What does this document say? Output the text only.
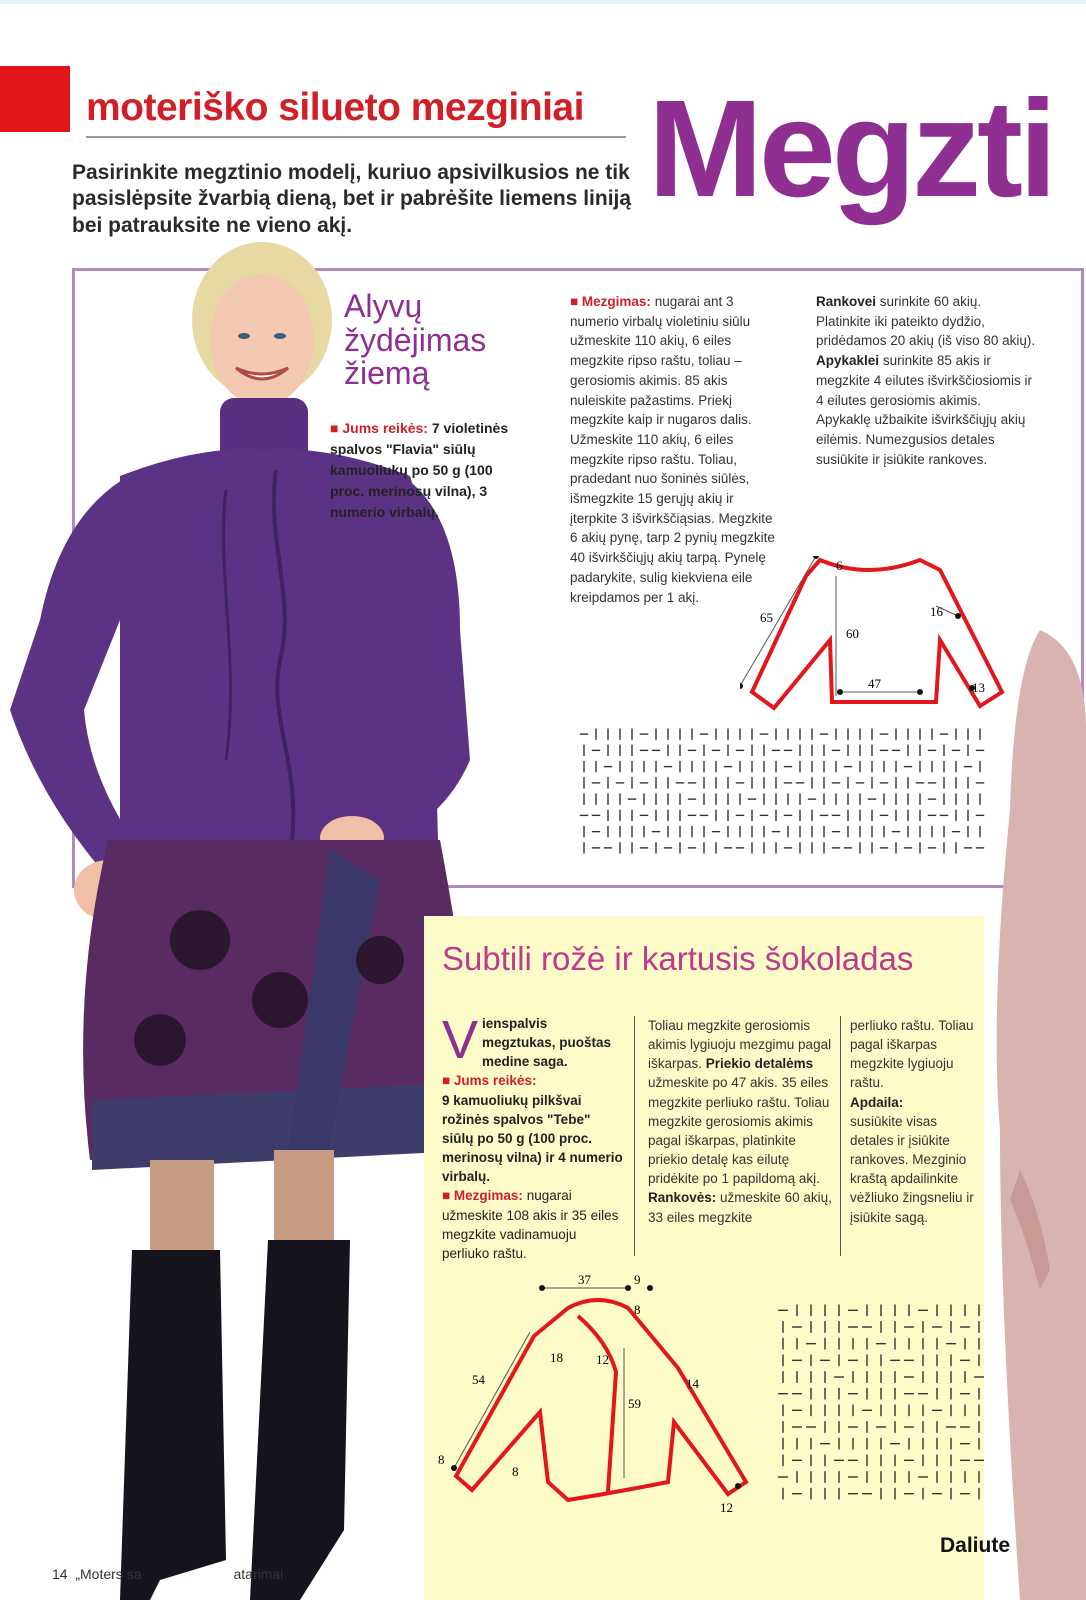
moteriško silueto mezginiai Megzti
Pasirinkite megztinio modelį, kuriuo apsivilkusios ne tik pasislėpsite žvarbią dieną, bet ir pabrėšite liemens liniją bei patrauksite ne vieno akį.
Alyvų
žydėjimas
žiemą
■ Jums reikės: 7 violetinės spalvos "Flavia" siūlų kamuoliukų po 50 g (100 proc. merinosų vilna), 3 numerio virbalų.
■ Mezgimas: nugarai ant 3 numerio virbalų violetiniu siūlu užmeskite 110 akių, 6 eiles megzkite ripso raštu, toliau – gerosiomis akimis. 85 akis nuleiskite pažastims. Priekį megzkite kaip ir nugaros dalis. Užmeskite 110 akių, 6 eiles megzkite ripso raštu. Toliau, pradedant nuo šoninės siūlės, išmegzkite 15 gerųjų akių ir įterpkite 3 išvirkščiąsias. Megzkite 6 akių pynę, tarp 2 pynių megzkite 40 išvirkščiųjų akių tarpą. Pynelę padarykite, sulig kiekviena eile kreipdamos per 1 akį.

Rankovei surinkite 60 akių. Platinkite iki pateikto dydžio, pridėdamos 20 akių (iš viso 80 akių).

Apykaklei surinkite 85 akis ir megzkite 4 eilutes išvirkščiosiomis ir 4 eilutes gerosiomis akimis. Apykaklę užbaikite išvirkščiųjų akių eilėmis. Numezgusios detales susiūkite ir įsiūkite rankoves.

6
65
60
16
47	13
Subtili rožė ir kartusis šokoladas
Vienspalvis megztukas, puoštas medine saga.
■ Jums reikės:
9 kamuoliukų pilkšvai rožinės spalvos "Tebe" siūlų po 50 g (100 proc. merinosų vilna) ir 4 numerio virbalų.
■ Mezgimas: nugarai užmeskite 108 akis ir 35 eiles megzkite vadinamuoju perliuko raštu.
Toliau megzkite gerosiomis akimis lygiuoju mezgimu pagal iškarpas. Priekio detalėms užmeskite po 47 akis. 35 eiles megzkite perliuko raštu. Toliau megzkite gerosiomis akimis pagal iškarpas, platinkite priekio detalę kas eilutę pridėkite po 1 papildomą akį. Rankovės: užmeskite 60 akių, 33 eiles megzkite
perliuko raštu. Toliau pagal iškarpas megzkite lygiuoju raštu.
Apdaila:
susiūkite visas detales ir įsiūkite rankoves. Mezginio kraštą apdailinkite vėžliuko žingsneliu ir įsiūkite sagą.
37	9
8
18	12
54	14
59
8
8
12
14 „Moters sa	atarimai
Daliute
